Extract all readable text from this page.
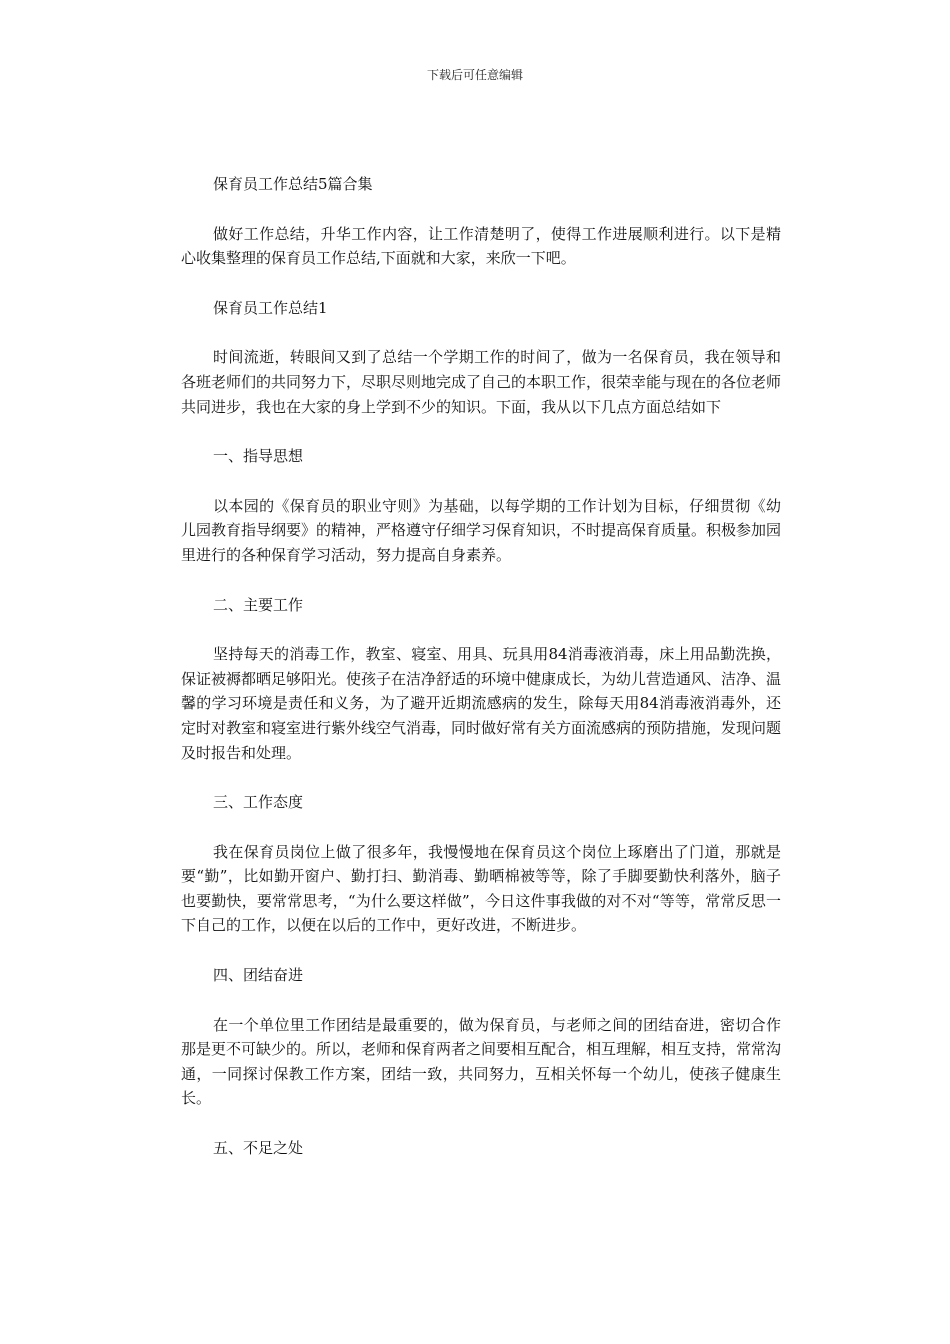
下载后可任意编辑

保育员工作总结5篇合集

做好工作总结，升华工作内容，让工作清楚明了，使得工作进展顺利进行。以下是精心收集整理的保育员工作总结,下面就和大家，来欣一下吧。

保育员工作总结1

时间流逝，转眼间又到了总结一个学期工作的时间了，做为一名保育员，我在领导和各班老师们的共同努力下，尽职尽则地完成了自己的本职工作，很荣幸能与现在的各位老师共同进步，我也在大家的身上学到不少的知识。下面，我从以下几点方面总结如下

一、指导思想

以本园的《保育员的职业守则》为基础，以每学期的工作计划为目标，仔细贯彻《幼儿园教育指导纲要》的精神，严格遵守仔细学习保育知识，不时提高保育质量。积极参加园里进行的各种保育学习活动，努力提高自身素养。

二、主要工作

坚持每天的消毒工作，教室、寝室、用具、玩具用84消毒液消毒，床上用品勤洗换，保证被褥都晒足够阳光。使孩子在洁净舒适的环境中健康成长，为幼儿营造通风、洁净、温馨的学习环境是责任和义务，为了避开近期流感病的发生，除每天用84消毒液消毒外，还定时对教室和寝室进行紫外线空气消毒，同时做好常有关方面流感病的预防措施，发现问题及时报告和处理。

三、工作态度

我在保育员岗位上做了很多年，我慢慢地在保育员这个岗位上琢磨出了门道，那就是要“勤”，比如勤开窗户、勤打扫、勤消毒、勤晒棉被等等，除了手脚要勤快利落外，脑子也要勤快，要常常思考，“为什么要这样做”，今日这件事我做的对不对“等等，常常反思一下自己的工作，以便在以后的工作中，更好改进，不断进步。

四、团结奋进

在一个单位里工作团结是最重要的，做为保育员，与老师之间的团结奋进，密切合作那是更不可缺少的。所以，老师和保育两者之间要相互配合，相互理解，相互支持，常常沟通，一同探讨保教工作方案，团结一致，共同努力，互相关怀每一个幼儿，使孩子健康生长。

五、不足之处
